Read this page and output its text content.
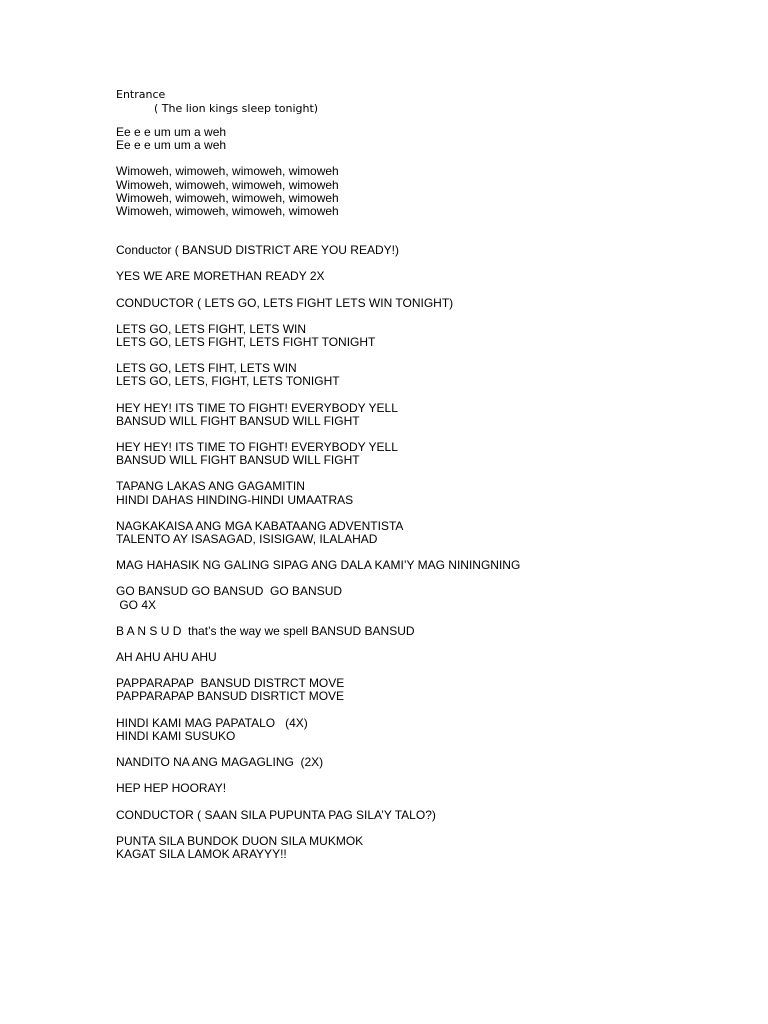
Entrance
( The lion kings sleep tonight)
Ee e e um um a weh
Ee e e um um a weh
Wimoweh, wimoweh, wimoweh, wimoweh
Wimoweh, wimoweh, wimoweh, wimoweh
Wimoweh, wimoweh, wimoweh, wimoweh
Wimoweh, wimoweh, wimoweh, wimoweh
Conductor ( BANSUD DISTRICT ARE YOU READY!)
YES WE ARE MORETHAN READY 2X
CONDUCTOR ( LETS GO, LETS FIGHT LETS WIN TONIGHT)
LETS GO, LETS FIGHT, LETS WIN
LETS GO, LETS FIGHT, LETS FIGHT TONIGHT
LETS GO, LETS FIHT, LETS WIN
LETS GO, LETS, FIGHT, LETS TONIGHT
HEY HEY! ITS TIME TO FIGHT! EVERYBODY YELL
BANSUD WILL FIGHT BANSUD WILL FIGHT
HEY HEY! ITS TIME TO FIGHT! EVERYBODY YELL
BANSUD WILL FIGHT BANSUD WILL FIGHT
TAPANG LAKAS ANG GAGAMITIN
HINDI DAHAS HINDING-HINDI UMAATRAS
NAGKAKAISA ANG MGA KABATAANG ADVENTISTA
TALENTO AY ISASAGAD, ISISIGAW, ILALAHAD
MAG HAHASIK NG GALING SIPAG ANG DALA KAMI’Y MAG NININGNING
GO BANSUD GO BANSUD  GO BANSUD
GO 4X
B A N S U D  that’s the way we spell BANSUD BANSUD
AH AHU AHU AHU
PAPPARAPAP  BANSUD DISTRCT MOVE
PAPPARAPAP BANSUD DISRTICT MOVE
HINDI KAMI MAG PAPATALO   (4X)
HINDI KAMI SUSUKO
NANDITO NA ANG MAGAGLING  (2X)
HEP HEP HOORAY!
CONDUCTOR ( SAAN SILA PUPUNTA PAG SILA’Y TALO?)
PUNTA SILA BUNDOK DUON SILA MUKMOK
KAGAT SILA LAMOK ARAYYY!!
